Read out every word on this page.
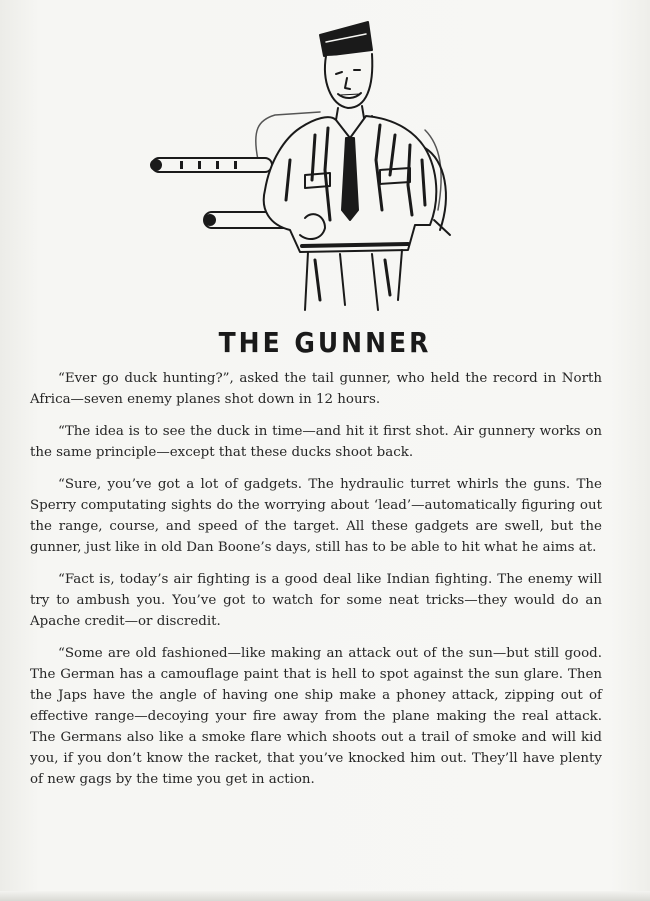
THE GUNNER

“Ever go duck hunting?”, asked the tail gunner, who held the record in North Africa—seven enemy planes shot down in 12 hours.

“The idea is to see the duck in time—and hit it first shot. Air gunnery works on the same principle—except that these ducks shoot back.

“Sure, you’ve got a lot of gadgets. The hydraulic turret whirls the guns. The Sperry computating sights do the worrying about ‘lead’—automatically figuring out the range, course, and speed of the target. All these gadgets are swell, but the gunner, just like in old Dan Boone’s days, still has to be able to hit what he aims at.

“Fact is, today’s air fighting is a good deal like Indian fighting. The enemy will try to ambush you. You’ve got to watch for some neat tricks—they would do an Apache credit—or discredit.

“Some are old fashioned—like making an attack out of the sun—but still good. The German has a camouflage paint that is hell to spot against the sun glare. Then the Japs have the angle of having one ship make a phoney attack, zipping out of effective range—decoying your fire away from the plane making the real attack. The Germans also like a smoke flare which shoots out a trail of smoke and will kid you, if you don’t know the racket, that you’ve knocked him out. They’ll have plenty of new gags by the time you get in action.
